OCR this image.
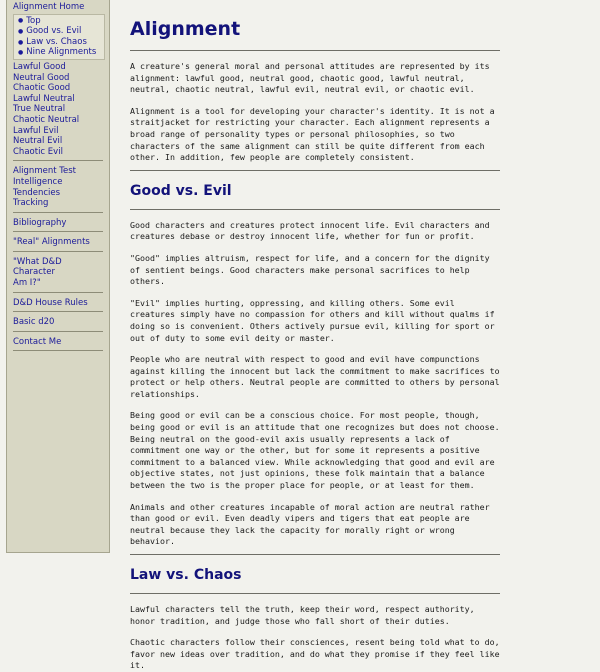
Alignment Home
● Top
● Good vs. Evil
● Law vs. Chaos
● Nine Alignments
Lawful Good
Neutral Good
Chaotic Good
Lawful Neutral
True Neutral
Chaotic Neutral
Lawful Evil
Neutral Evil
Chaotic Evil
Alignment Test
Intelligence
Tendencies
Tracking
Bibliography
"Real" Alignments
"What D&D Character
Am I?"
D&D House Rules
Basic d20
Contact Me
Alignment

A creature's general moral and personal attitudes are represented by its alignment: lawful good, neutral good, chaotic good, lawful neutral, neutral, chaotic neutral, lawful evil, neutral evil, or chaotic evil.

Alignment is a tool for developing your character's identity. It is not a straitjacket for restricting your character. Each alignment represents a broad range of personality types or personal philosophies, so two characters of the same alignment can still be quite different from each other. In addition, few people are completely consistent.

Good vs. Evil

Good characters and creatures protect innocent life. Evil characters and creatures debase or destroy innocent life, whether for fun or profit.

"Good" implies altruism, respect for life, and a concern for the dignity of sentient beings. Good characters make personal sacrifices to help others.

"Evil" implies hurting, oppressing, and killing others. Some evil creatures simply have no compassion for others and kill without qualms if doing so is convenient. Others actively pursue evil, killing for sport or out of duty to some evil deity or master.

People who are neutral with respect to good and evil have compunctions against killing the innocent but lack the commitment to make sacrifices to protect or help others. Neutral people are committed to others by personal relationships.

Being good or evil can be a conscious choice. For most people, though, being good or evil is an attitude that one recognizes but does not choose. Being neutral on the good-evil axis usually represents a lack of commitment one way or the other, but for some it represents a positive commitment to a balanced view. While acknowledging that good and evil are objective states, not just opinions, these folk maintain that a balance between the two is the proper place for people, or at least for them.

Animals and other creatures incapable of moral action are neutral rather than good or evil. Even deadly vipers and tigers that eat people are neutral because they lack the capacity for morally right or wrong behavior.

Law vs. Chaos

Lawful characters tell the truth, keep their word, respect authority, honor tradition, and judge those who fall short of their duties.

Chaotic characters follow their consciences, resent being told what to do, favor new ideas over tradition, and do what they promise if they feel like it.
